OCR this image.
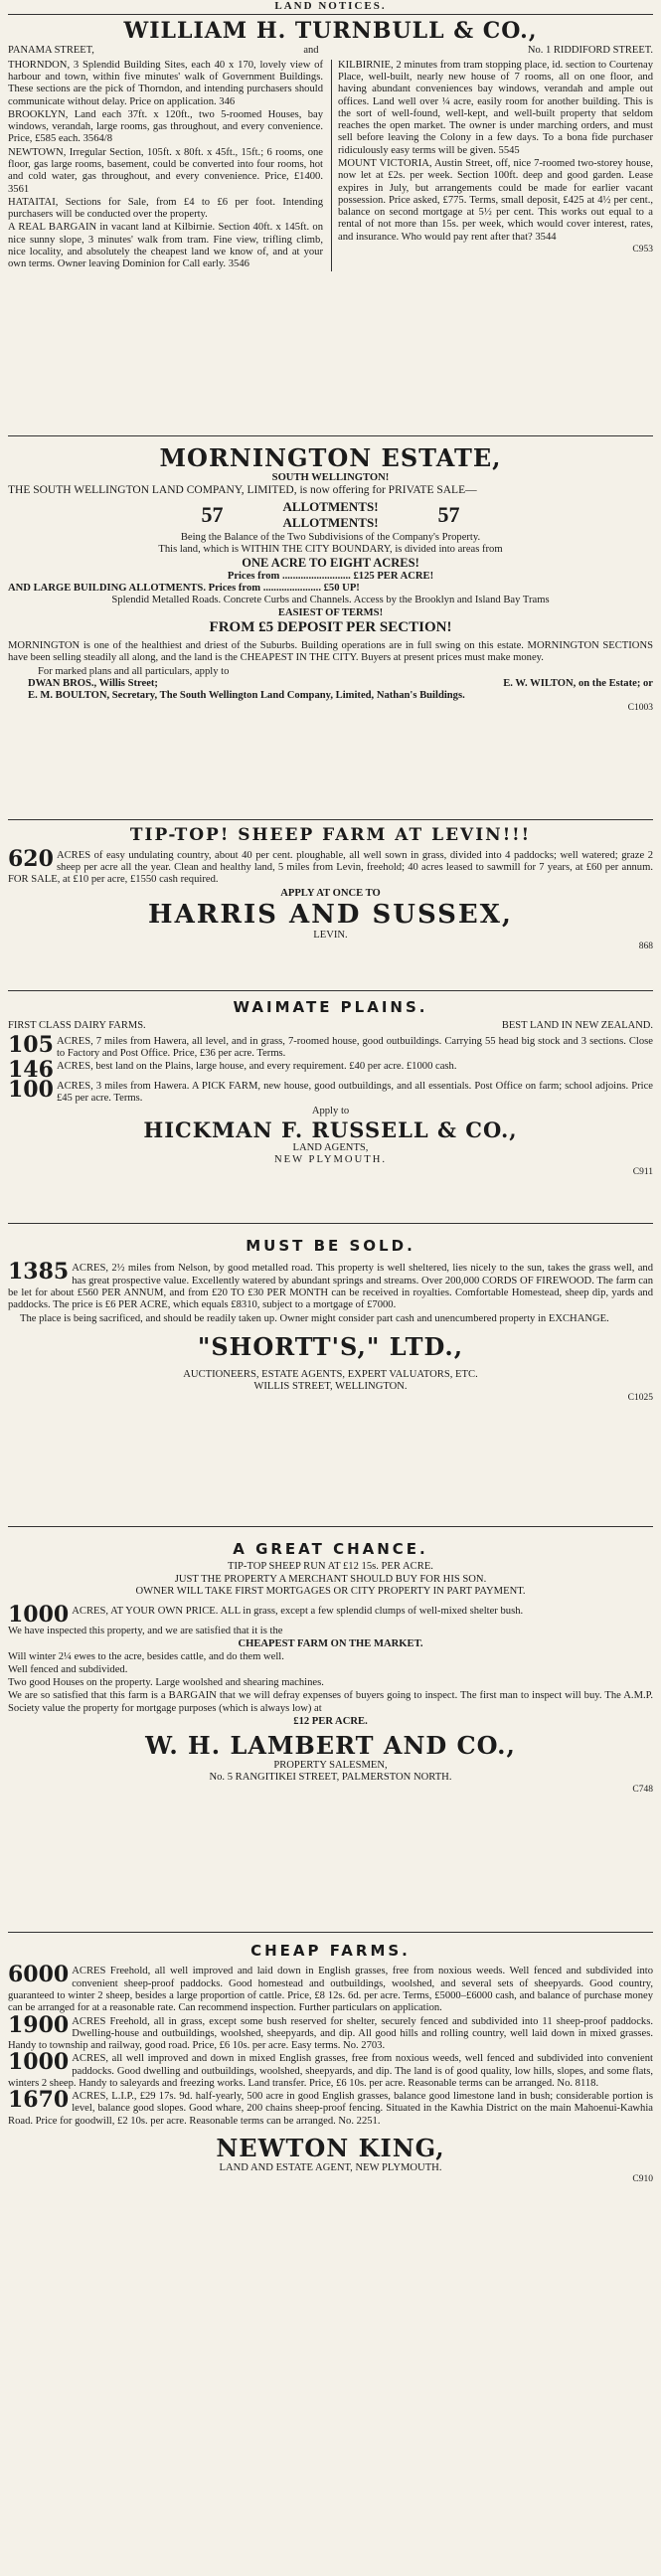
LAND NOTICES.
WILLIAM H. TURNBULL & CO.,
PANAMA STREET,	and	No. 1 RIDDIFORD STREET.

THORNDON, 3 Splendid Building Sites, each 40 x 170, lovely view of harbour and town, within five minutes' walk of Government Buildings. These sections are the pick of Thorndon, and intending purchasers should communicate without delay. Price on application. 346

BROOKLYN, Land each 37ft. x 120ft., two 5-roomed Houses, bay windows, verandah, large rooms, gas throughout, and every convenience. Price, £585 each. 3564/8

NEWTOWN, Irregular Section, 105ft. x 80ft. x 45ft., 15ft.; 6 rooms, one floor, gas large rooms, basement, could be converted into four rooms, hot and cold water, gas throughout, and every convenience. Price, £1400. 3561

HATAITAI, Sections for Sale, from £4 to £6 per foot. Intending purchasers will be conducted over the property.

A REAL BARGAIN in vacant land at Kilbirnie. Section 40ft. x 145ft. on nice sunny slope, 3 minutes' walk from tram. Fine view, trifling climb, nice locality, and absolutely the cheapest land we know of, and at your own terms. Owner leaving Dominion for Call early. 3546

KILBIRNIE, 2 minutes from tram stopping place, id. section to Courtenay Place, well-built, nearly new house of 7 rooms, all on one floor, and having abundant conveniences bay windows, verandah and ample out offices. Land well over ¼ acre, easily room for another building. This is the sort of well-found, well-kept, and well-built property that seldom reaches the open market. The owner is under marching orders, and must sell before leaving the Colony in a few days. To a bona fide purchaser ridiculously easy terms will be given. 5545

MOUNT VICTORIA, Austin Street, off, nice 7-roomed two-storey house, now let at £2s. per week. Section 100ft. deep and good garden. Lease expires in July, but arrangements could be made for earlier vacant possession. Price asked, £775. Terms, small deposit, £425 at 4½ per cent., balance on second mortgage at 5½ per cent. This works out equal to a rental of not more than 15s. per week, which would cover interest, rates, and insurance. Who would pay rent after that? 3544

C953
MORNINGTON ESTATE,
SOUTH WELLINGTON!

THE SOUTH WELLINGTON LAND COMPANY, LIMITED, is now offering for PRIVATE SALE—

57	ALLOTMENTS!
ALLOTMENTS!	57
Being the Balance of the Two Subdivisions of the Company's Property.
This land, which is WITHIN THE CITY BOUNDARY, is divided into areas from
ONE ACRE TO EIGHT ACRES!
Prices from .......................... £125 PER ACRE!
AND LARGE BUILDING ALLOTMENTS. Prices from ...................... £50 UP!
Splendid Metalled Roads. Concrete Curbs and Channels. Access by the Brooklyn and Island Bay Trams
EASIEST OF TERMS!
FROM £5 DEPOSIT PER SECTION!

MORNINGTON is one of the healthiest and driest of the Suburbs. Building operations are in full swing on this estate. MORNINGTON SECTIONS have been selling steadily all along, and the land is the CHEAPEST IN THE CITY. Buyers at present prices must make money.

For marked plans and all particulars, apply to
DWAN BROS., Willis Street;	E. W. WILTON, on the Estate; or
E. M. BOULTON, Secretary, The South Wellington Land Company, Limited, Nathan's Buildings.
C1003
TIP-TOP! SHEEP FARM AT LEVIN!!!

620 ACRES of easy undulating country, about 40 per cent. ploughable, all well sown in grass, divided into 4 paddocks; well watered; graze 2 sheep per acre all the year. Clean and healthy land, 5 miles from Levin, freehold; 40 acres leased to sawmill for 7 years, at £60 per annum. FOR SALE, at £10 per acre, £1550 cash required.

APPLY AT ONCE TO
HARRIS AND SUSSEX,
LEVIN.
868
WAIMATE PLAINS.
FIRST CLASS DAIRY FARMS.	BEST LAND IN NEW ZEALAND.

105 ACRES, 7 miles from Hawera, all level, and in grass, 7-roomed house, good outbuildings. Carrying 55 head big stock and 3 sections. Close to Factory and Post Office. Price, £36 per acre. Terms.

146 ACRES, best land on the Plains, large house, and every requirement. £40 per acre. £1000 cash.

100 ACRES, 3 miles from Hawera. A PICK FARM, new house, good outbuildings, and all essentials. Post Office on farm; school adjoins. Price £45 per acre. Terms.

Apply to
HICKMAN F. RUSSELL & CO.,
LAND AGENTS,
NEW PLYMOUTH.
C911
MUST BE SOLD.

1385 ACRES, 2½ miles from Nelson, by good metalled road. This property is well sheltered, lies nicely to the sun, takes the grass well, and has great prospective value. Excellently watered by abundant springs and streams. Over 200,000 CORDS OF FIREWOOD. The farm can be let for about £560 PER ANNUM, and from £20 TO £30 PER MONTH can be received in royalties. Comfortable Homestead, sheep dip, yards and paddocks. The price is £6 PER ACRE, which equals £8310, subject to a mortgage of £7000.

The place is being sacrificed, and should be readily taken up. Owner might consider part cash and unencumbered property in EXCHANGE.

"SHORTT'S," LTD.,
AUCTIONEERS, ESTATE AGENTS, EXPERT VALUATORS, ETC.
WILLIS STREET, WELLINGTON.
C1025
A GREAT CHANCE.
TIP-TOP SHEEP RUN AT £12 15s. PER ACRE.
JUST THE PROPERTY A MERCHANT SHOULD BUY FOR HIS SON.
OWNER WILL TAKE FIRST MORTGAGES OR CITY PROPERTY IN PART PAYMENT.

1000 ACRES, AT YOUR OWN PRICE. ALL in grass, except a few splendid clumps of well-mixed shelter bush.

We have inspected this property, and we are satisfied that it is the

CHEAPEST FARM ON THE MARKET.

Will winter 2¼ ewes to the acre, besides cattle, and do them well.

Well fenced and subdivided.

Two good Houses on the property. Large woolshed and shearing machines.

We are so satisfied that this farm is a BARGAIN that we will defray expenses of buyers going to inspect. The first man to inspect will buy. The A.M.P. Society value the property for mortgage purposes (which is always low) at

£12 PER ACRE.
W. H. LAMBERT AND CO.,
PROPERTY SALESMEN,
No. 5 RANGITIKEI STREET, PALMERSTON NORTH.
C748
CHEAP FARMS.

6000 ACRES Freehold, all well improved and laid down in English grasses, free from noxious weeds. Well fenced and subdivided into convenient sheep-proof paddocks. Good homestead and outbuildings, woolshed, and several sets of sheepyards. Good country, guaranteed to winter 2 sheep, besides a large proportion of cattle. Price, £8 12s. 6d. per acre. Terms, £5000–£6000 cash, and balance of purchase money can be arranged for at a reasonable rate. Can recommend inspection. Further particulars on application.

1900 ACRES Freehold, all in grass, except some bush reserved for shelter, securely fenced and subdivided into 11 sheep-proof paddocks. Dwelling-house and outbuildings, woolshed, sheepyards, and dip. All good hills and rolling country, well laid down in mixed grasses. Handy to township and railway, good road. Price, £6 10s. per acre. Easy terms. No. 2703.

1000 ACRES, all well improved and down in mixed English grasses, free from noxious weeds, well fenced and subdivided into convenient paddocks. Good dwelling and outbuildings, woolshed, sheepyards, and dip. The land is of good quality, low hills, slopes, and some flats, winters 2 sheep. Handy to saleyards and freezing works. Land transfer. Price, £6 10s. per acre. Reasonable terms can be arranged. No. 8118.

1670 ACRES, L.I.P., £29 17s. 9d. half-yearly, 500 acre in good English grasses, balance good limestone land in bush; considerable portion is level, balance good slopes. Good whare, 200 chains sheep-proof fencing. Situated in the Kawhia District on the main Mahoenui-Kawhia Road. Price for goodwill, £2 10s. per acre. Reasonable terms can be arranged. No. 2251.

NEWTON KING,
LAND AND ESTATE AGENT, NEW PLYMOUTH.
C910
